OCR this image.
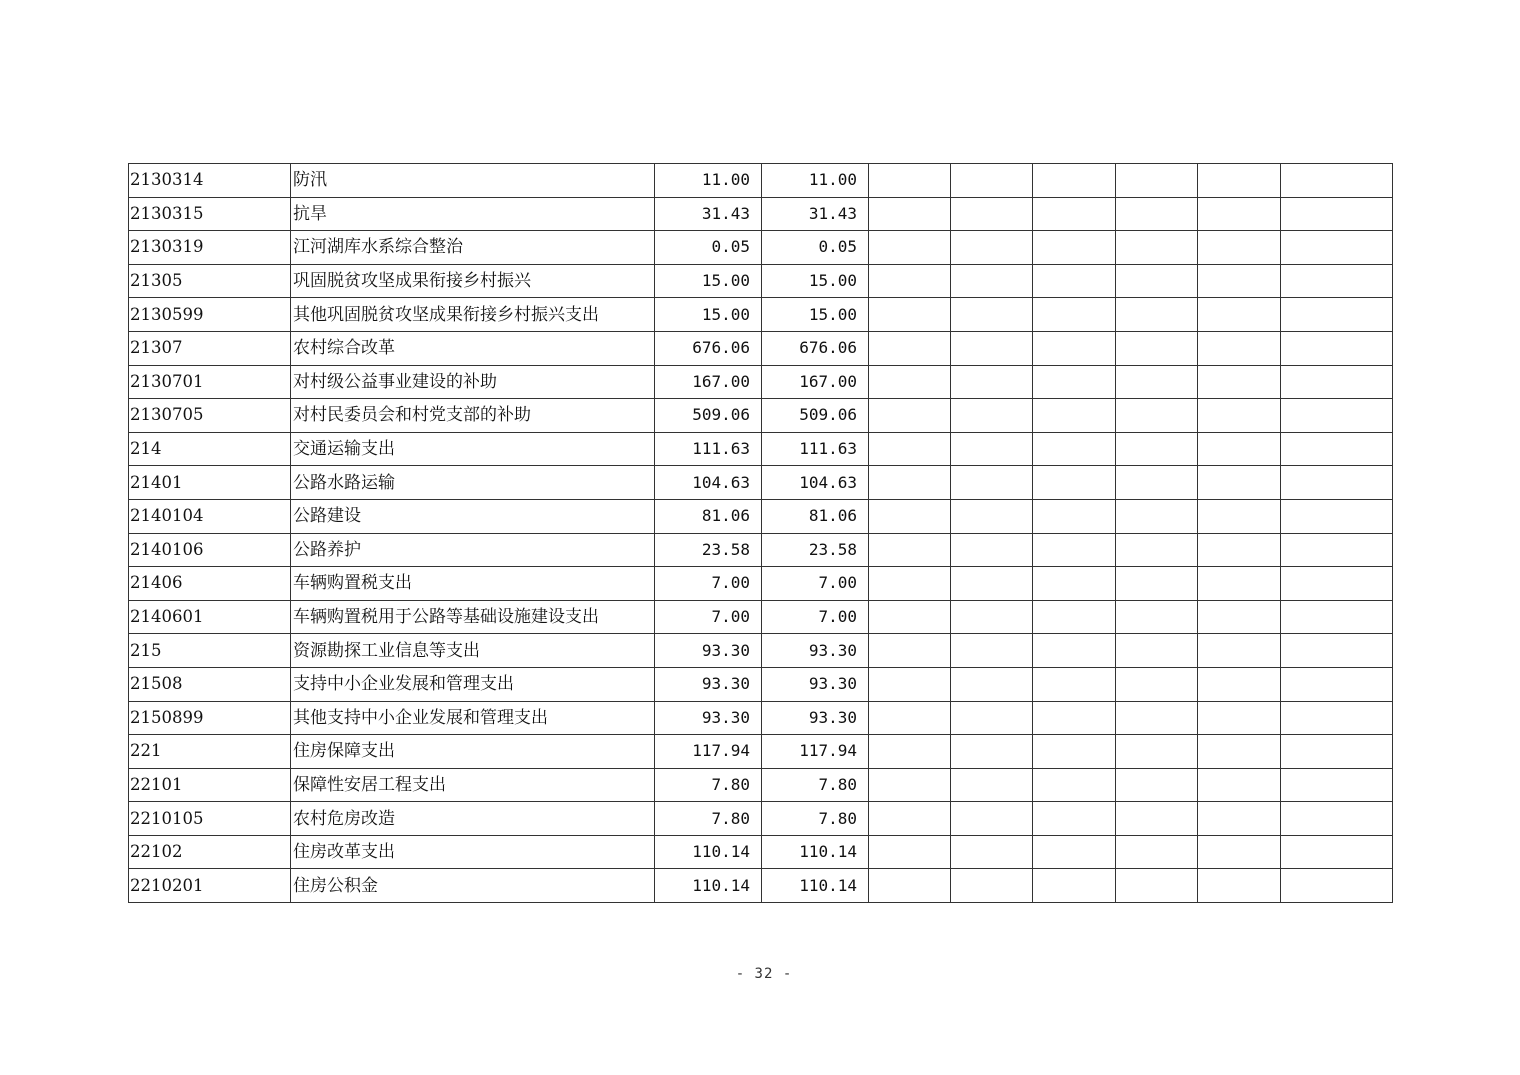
2130314	防汛	11.00	11.00						
2130315	抗旱	31.43	31.43						
2130319	江河湖库水系综合整治	0.05	0.05						
21305	巩固脱贫攻坚成果衔接乡村振兴	15.00	15.00						
2130599	其他巩固脱贫攻坚成果衔接乡村振兴支出	15.00	15.00						
21307	农村综合改革	676.06	676.06						
2130701	对村级公益事业建设的补助	167.00	167.00						
2130705	对村民委员会和村党支部的补助	509.06	509.06						
214	交通运输支出	111.63	111.63						
21401	公路水路运输	104.63	104.63						
2140104	公路建设	81.06	81.06						
2140106	公路养护	23.58	23.58						
21406	车辆购置税支出	7.00	7.00						
2140601	车辆购置税用于公路等基础设施建设支出	7.00	7.00						
215	资源勘探工业信息等支出	93.30	93.30						
21508	支持中小企业发展和管理支出	93.30	93.30						
2150899	其他支持中小企业发展和管理支出	93.30	93.30						
221	住房保障支出	117.94	117.94						
22101	保障性安居工程支出	7.80	7.80						
2210105	农村危房改造	7.80	7.80						
22102	住房改革支出	110.14	110.14						
2210201	住房公积金	110.14	110.14						
- 32 -
